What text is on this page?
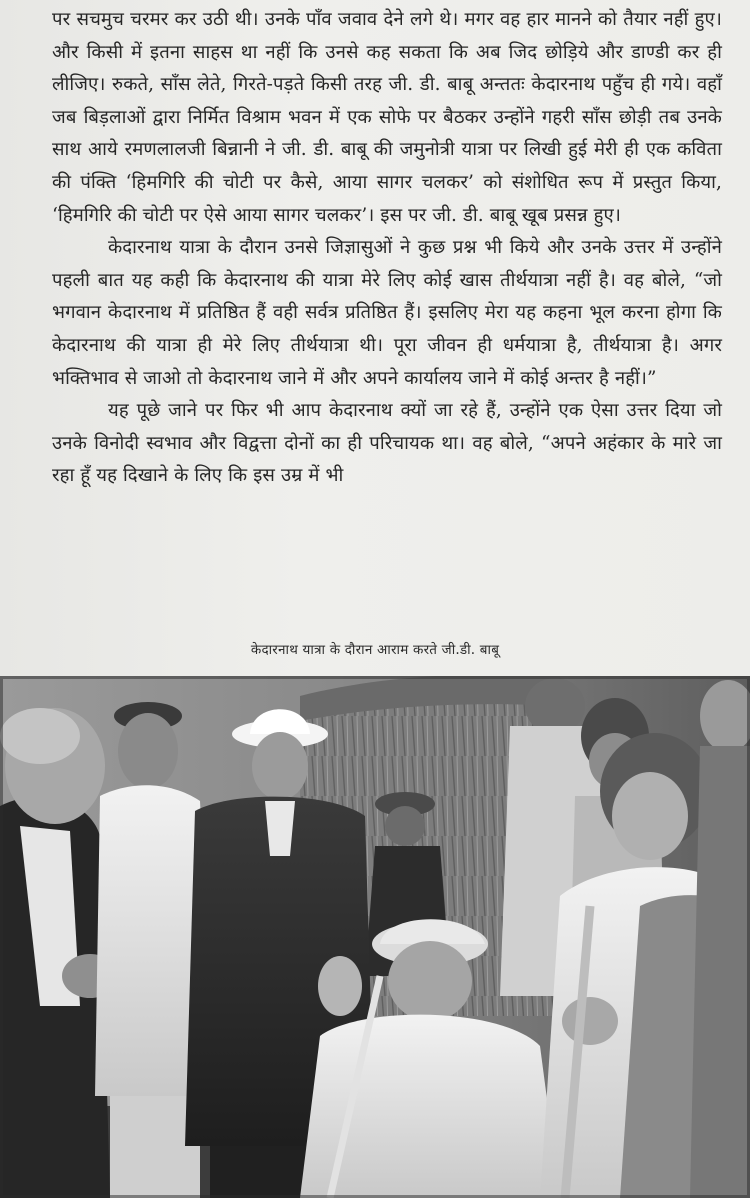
पर सचमुच चरमर कर उठी थी। उनके पाँव जवाव देने लगे थे। मगर वह हार मानने को तैयार नहीं हुए। और किसी में इतना साहस था नहीं कि उनसे कह सकता कि अब जिद छोड़िये और डाण्डी कर ही लीजिए। रुकते, साँस लेते, गिरते-पड़ते किसी तरह जी. डी. बाबू अन्ततः केदारनाथ पहुँच ही गये। वहाँ जब बिड़लाओं द्वारा निर्मित विश्राम भवन में एक सोफे पर बैठकर उन्होंने गहरी साँस छोड़ी तब उनके साथ आये रमणलालजी बिन्नानी ने जी. डी. बाबू की जमुनोत्री यात्रा पर लिखी हुई मेरी ही एक कविता की पंक्ति ‘हिमगिरि की चोटी पर कैसे, आया सागर चलकर’ को संशोधित रूप में प्रस्तुत किया, ‘हिमगिरि की चोटी पर ऐसे आया सागर चलकर’। इस पर जी. डी. बाबू खूब प्रसन्न हुए।

केदारनाथ यात्रा के दौरान उनसे जिज्ञासुओं ने कुछ प्रश्न भी किये और उनके उत्तर में उन्होंने पहली बात यह कही कि केदारनाथ की यात्रा मेरे लिए कोई खास तीर्थयात्रा नहीं है। वह बोले, “जो भगवान केदारनाथ में प्रतिष्ठित हैं वही सर्वत्र प्रतिष्ठित हैं। इसलिए मेरा यह कहना भूल करना होगा कि केदारनाथ की यात्रा ही मेरे लिए तीर्थयात्रा थी। पूरा जीवन ही धर्मयात्रा है, तीर्थयात्रा है। अगर भक्तिभाव से जाओ तो केदारनाथ जाने में और अपने कार्यालय जाने में कोई अन्तर है नहीं।”

यह पूछे जाने पर फिर भी आप केदारनाथ क्यों जा रहे हैं, उन्होंने एक ऐसा उत्तर दिया जो उनके विनोदी स्वभाव और विद्वत्ता दोनों का ही परिचायक था। वह बोले, “अपने अहंकार के मारे जा रहा हूँ यह दिखाने के लिए कि इस उम्र में भी

केदारनाथ यात्रा के दौरान आराम करते जी.डी. बाबू
